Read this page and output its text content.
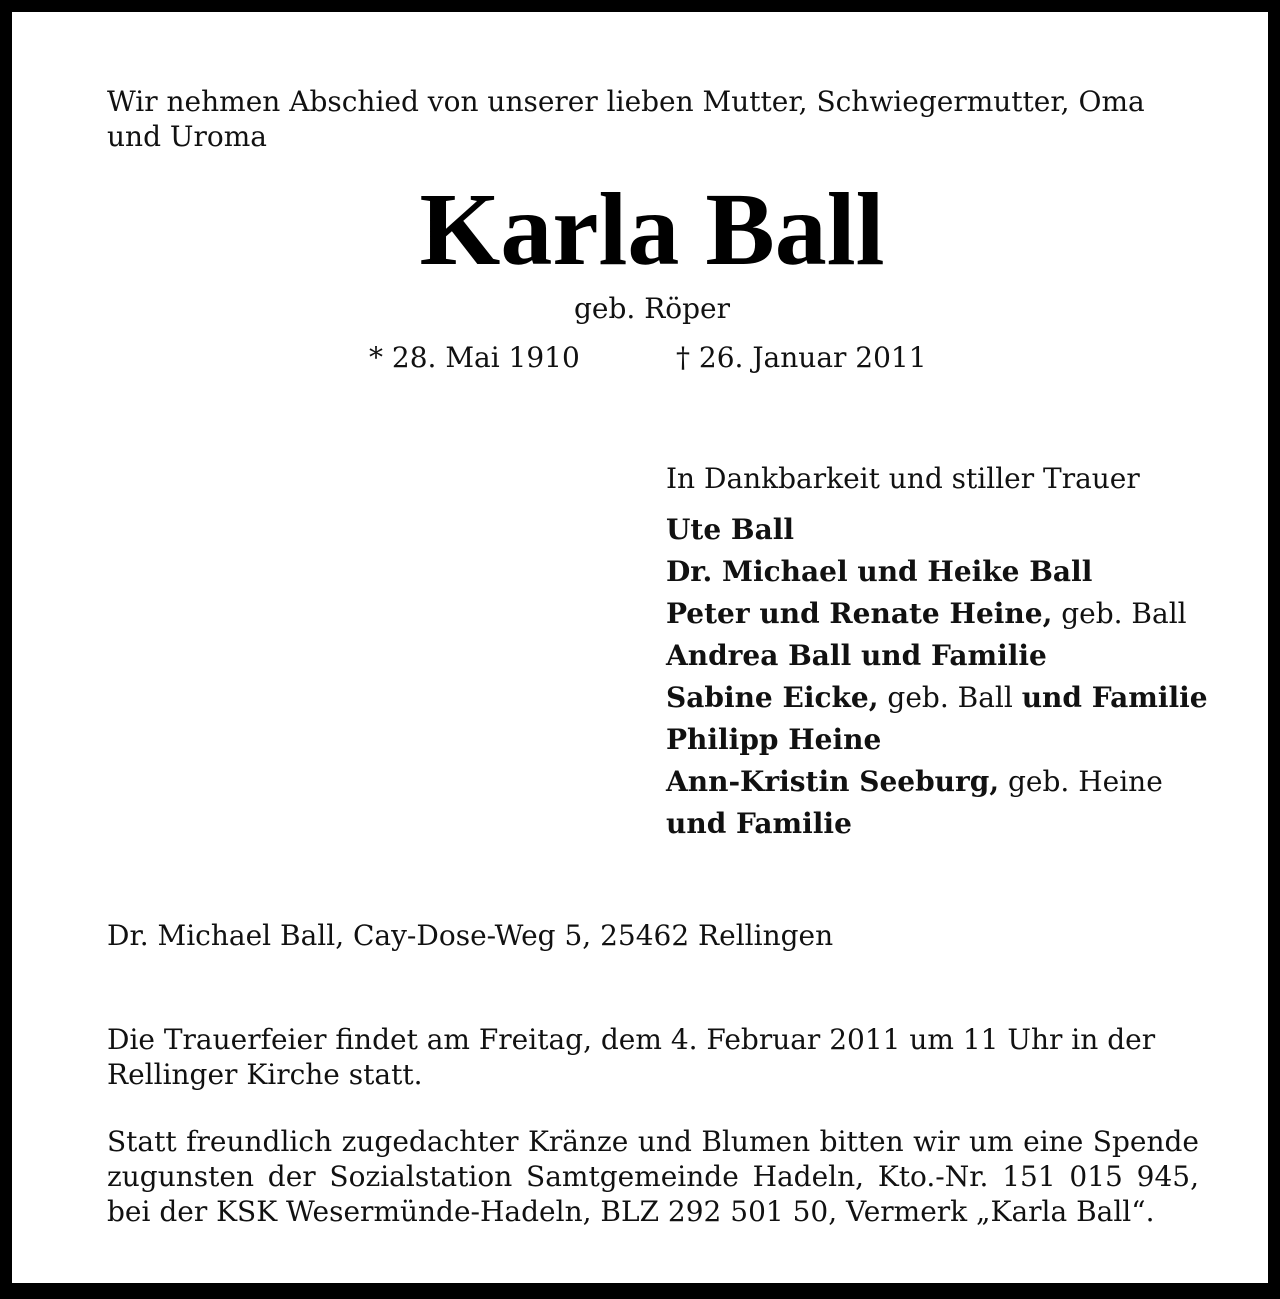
Wir nehmen Abschied von unserer lieben Mutter, Schwiegermutter, Oma und Uroma
Karla Ball
geb. Röper
* 28. Mai 1910	† 26. Januar 2011
In Dankbarkeit und stiller Trauer
Ute Ball
Dr. Michael und Heike Ball
Peter und Renate Heine, geb. Ball
Andrea Ball und Familie
Sabine Eicke, geb. Ball und Familie
Philipp Heine
Ann-Kristin Seeburg, geb. Heine
und Familie
Dr. Michael Ball, Cay-Dose-Weg 5, 25462 Rellingen
Die Trauerfeier findet am Freitag, dem 4. Februar 2011 um 11 Uhr in der Rellinger Kirche statt.
Statt freundlich zugedachter Kränze und Blumen bitten wir um eine Spende zugunsten der Sozialstation Samtgemeinde Hadeln, Kto.-Nr. 151 015 945, bei der KSK Wesermünde-Hadeln, BLZ 292 501 50, Vermerk „Karla Ball“.
